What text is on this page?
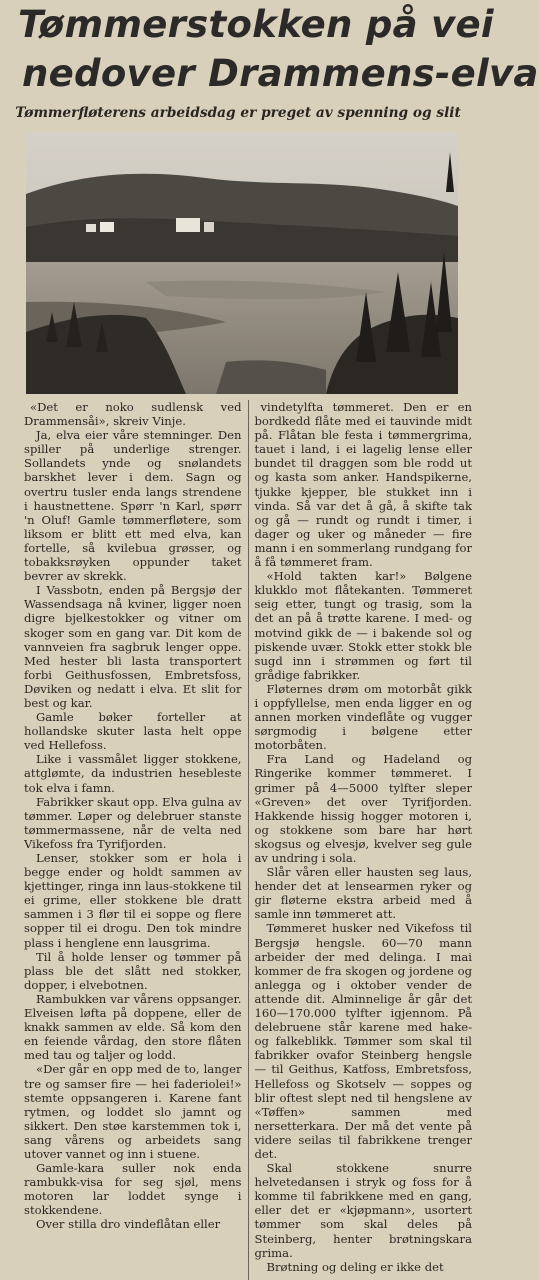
Tømmerstokken på vei
nedover Drammens-elva
Tømmerfløterens arbeidsdag er preget av spenning og slit

«Det er noko sudlensk ved Drammensåi», skreiv Vinje.

Ja, elva eier våre stemninger. Den spiller på underlige strenger. Sollandets ynde og snølandets barskhet lever i dem. Sagn og overtru tusler enda langs strendene i haustnettene. Spørr 'n Karl, spørr 'n Oluf! Gamle tømmerfløtere, som liksom er blitt ett med elva, kan fortelle, så kvilebua grøsser, og tobakksrøyken oppunder taket bevrer av skrekk.

I Vassbotn, enden på Bergsjø der Wassendsaga nå kviner, ligger noen digre bjelkestokker og vitner om skoger som en gang var. Dit kom de vannveien fra sagbruk lenger oppe. Med hester bli lasta transportert forbi Geithusfossen, Embretsfoss, Døviken og nedatt i elva. Et slit for best og kar.

Gamle bøker forteller at hollandske skuter lasta helt oppe ved Hellefoss.

Like i vassmålet ligger stokkene, attglømte, da industrien hesebleste tok elva i famn.

Fabrikker skaut opp. Elva gulna av tømmer. Løper og delebruer stanste tømmermassene, når de velta ned Vikefoss fra Tyrifjorden.

Lenser, stokker som er hola i begge ender og holdt sammen av kjettinger, ringa inn laus-stokkene til ei grime, eller stokkene ble dratt sammen i 3 flør til ei soppe og flere sopper til ei drogu. Den tok mindre plass i henglene enn lausgrima.

Til å holde lenser og tømmer på plass ble det slått ned stokker, dopper, i elvebotnen.

Rambukken var vårens oppsanger. Elveisen løfta på doppene, eller de knakk sammen av elde. Så kom den en feiende vårdag, den store flåten med tau og taljer og lodd.

«Der går en opp med de to, langer tre og samser fire — hei faderiolei!» stemte oppsangeren i. Karene fant rytmen, og loddet slo jamnt og sikkert. Den støe karstemmen tok i, sang vårens og arbeidets sang utover vannet og inn i stuene.

Gamle-kara suller nok enda rambukk-visa for seg sjøl, mens motoren lar loddet synge i stokkendene.

Over stilla dro vindeflåtan eller

vindetylfta tømmeret. Den er en bordkedd flåte med ei tauvinde midt på. Flåtan ble festa i tømmergrima, tauet i land, i ei lagelig lense eller bundet til draggen som ble rodd ut og kasta som anker. Handspikerne, tjukke kjepper, ble stukket inn i vinda. Så var det å gå, å skifte tak og gå — rundt og rundt i timer, i dager og uker og måneder — fire mann i en sommerlang rundgang for å få tømmeret fram.

«Hold takten kar!» Bølgene klukklo mot flåtekanten. Tømmeret seig etter, tungt og trasig, som la det an på å trøtte karene. I med- og motvind gikk de — i bakende sol og piskende uvær. Stokk etter stokk ble sugd inn i strømmen og ført til grådige fabrikker.

Fløternes drøm om motorbåt gikk i oppfyllelse, men enda ligger en og annen morken vindeflåte og vugger sørgmodig i bølgene etter motorbåten.

Fra Land og Hadeland og Ringerike kommer tømmeret. I grimer på 4—5000 tylfter sleper «Greven» det over Tyrifjorden. Hakkende hissig hogger motoren i, og stokkene som bare har hørt skogsus og elvesjø, kvelver seg gule av undring i sola.

Slår våren eller hausten seg laus, hender det at lensearmen ryker og gir fløterne ekstra arbeid med å samle inn tømmeret att.

Tømmeret husker ned Vikefoss til Bergsjø hengsle. 60—70 mann arbeider der med delinga. I mai kommer de fra skogen og jordene og anlegga og i oktober vender de attende dit. Alminnelige år går det 160—170.000 tylfter igjennom. På delebruene står karene med hake- og falkeblikk. Tømmer som skal til fabrikker ovafor Steinberg hengsle — til Geithus, Katfoss, Embretsfoss, Hellefoss og Skotselv — soppes og blir oftest slept ned til hengslene av «Tøffen» sammen med nersetterkara. Der må det vente på videre seilas til fabrikkene trenger det.

Skal stokkene snurre helvetedansen i stryk og foss for å komme til fabrikkene med en gang, eller det er «kjøpmann», usortert tømmer som skal deles på Steinberg, henter brøtningskara grima.

Brøtning og deling er ikke det
